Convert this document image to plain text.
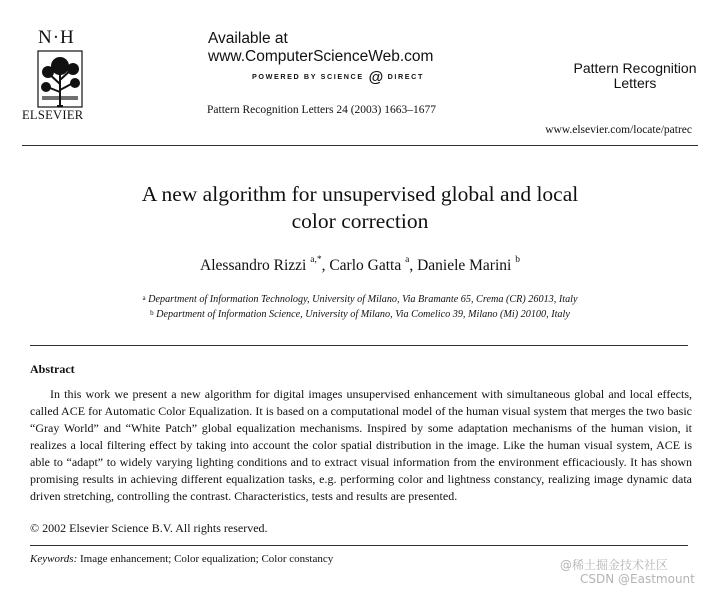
N·H
ELSEVIER
Available at
www.ComputerScienceWeb.com
POWERED BY SCIENCE @ DIRECT
Pattern Recognition Letters 24 (2003) 1663–1677
Pattern Recognition
Letters
www.elsevier.com/locate/patrec
A new algorithm for unsupervised global and local
color correction
Alessandro Rizzi $^{a,*}$, Carlo Gatta $^a$, Daniele Marini $^b$
$^a$ Department of Information Technology, University of Milano, Via Bramante 65, Crema (CR) 26013, Italy
$^b$ Department of Information Science, University of Milano, Via Comelico 39, Milano (Mi) 20100, Italy
Abstract
In this work we present a new algorithm for digital images unsupervised enhancement with simultaneous global and local effects, called ACE for Automatic Color Equalization. It is based on a computational model of the human visual system that merges the two basic “Gray World” and “White Patch” global equalization mechanisms. Inspired by some adaptation mechanisms of the human vision, it realizes a local filtering effect by taking into account the color spatial distribution in the image. Like the human visual system, ACE is able to “adapt” to widely varying lighting conditions and to extract visual information from the environment efficaciously. It has shown promising results in achieving different equalization tasks, e.g. performing color and lightness constancy, realizing image dynamic data driven stretching, controlling the contrast. Characteristics, tests and results are presented.
© 2002 Elsevier Science B.V. All rights reserved.
Keywords: Image enhancement; Color equalization; Color constancy	@稀土掘金技术社区
CSDN @Eastmount
